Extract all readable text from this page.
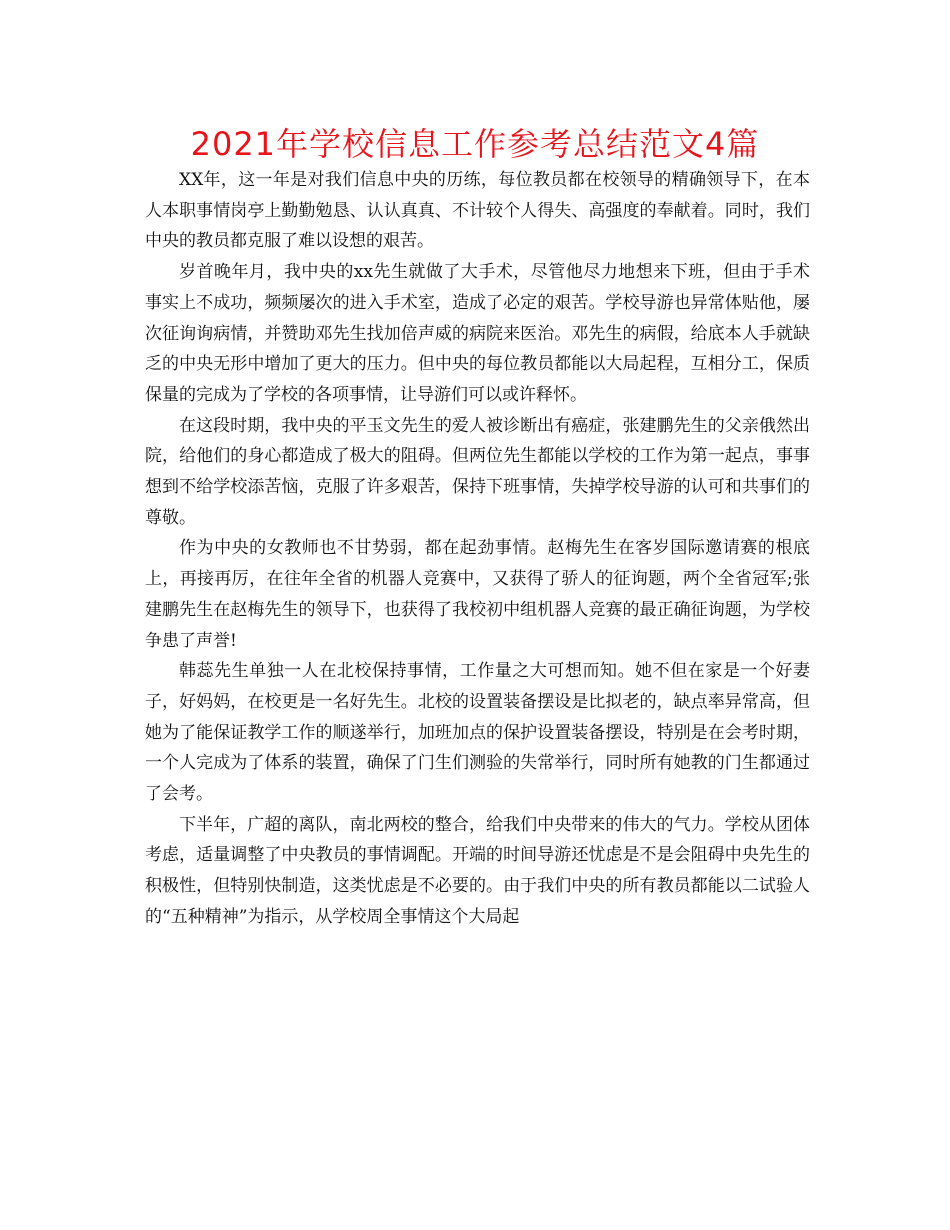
2021年学校信息工作参考总结范文4篇

XX年，这一年是对我们信息中央的历练，每位教员都在校领导的精确领导下，在本人本职事情岗亭上勤勤勉恳、认认真真、不计较个人得失、高强度的奉献着。同时，我们中央的教员都克服了难以设想的艰苦。

岁首晚年月，我中央的xx先生就做了大手术，尽管他尽力地想来下班，但由于手术事实上不成功，频频屡次的进入手术室，造成了必定的艰苦。学校导游也异常体贴他，屡次征询询病情，并赞助邓先生找加倍声威的病院来医治。邓先生的病假，给底本人手就缺乏的中央无形中增加了更大的压力。但中央的每位教员都能以大局起程，互相分工，保质保量的完成为了学校的各项事情，让导游们可以或许释怀。

在这段时期，我中央的平玉文先生的爱人被诊断出有癌症，张建鹏先生的父亲俄然出院，给他们的身心都造成了极大的阻碍。但两位先生都能以学校的工作为第一起点，事事想到不给学校添苦恼，克服了许多艰苦，保持下班事情，失掉学校导游的认可和共事们的尊敬。

作为中央的女教师也不甘势弱，都在起劲事情。赵梅先生在客岁国际邀请赛的根底上，再接再厉，在往年全省的机器人竞赛中，又获得了骄人的征询题，两个全省冠军;张建鹏先生在赵梅先生的领导下，也获得了我校初中组机器人竞赛的最正确征询题，为学校争患了声誉!

韩蕊先生单独一人在北校保持事情，工作量之大可想而知。她不但在家是一个好妻子，好妈妈，在校更是一名好先生。北校的设置装备摆设是比拟老的，缺点率异常高，但她为了能保证教学工作的顺遂举行，加班加点的保护设置装备摆设，特别是在会考时期，一个人完成为了体系的装置，确保了门生们测验的失常举行，同时所有她教的门生都通过了会考。

下半年，广超的离队，南北两校的整合，给我们中央带来的伟大的气力。学校从团体考虑，适量调整了中央教员的事情调配。开端的时间导游还忧虑是不是会阻碍中央先生的积极性，但特别快制造，这类忧虑是不必要的。由于我们中央的所有教员都能以二试验人的“五种精神”为指示，从学校周全事情这个大局起
